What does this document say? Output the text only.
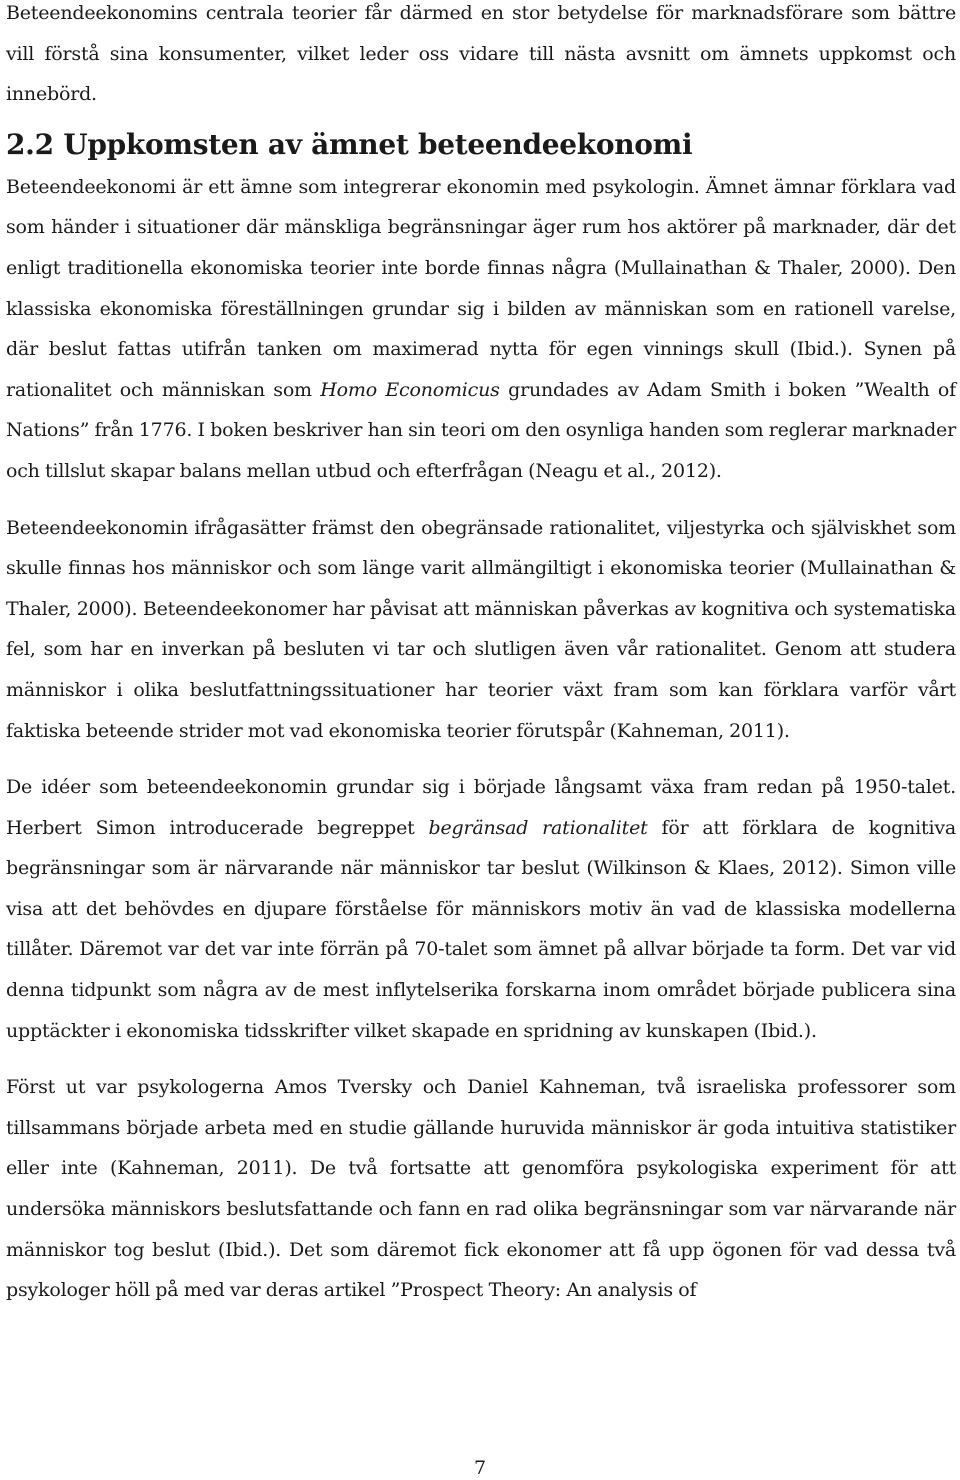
Beteendeekonomins centrala teorier får därmed en stor betydelse för marknadsförare som bättre vill förstå sina konsumenter, vilket leder oss vidare till nästa avsnitt om ämnets uppkomst och innebörd.

2.2 Uppkomsten av ämnet beteendeekonomi

Beteendeekonomi är ett ämne som integrerar ekonomin med psykologin. Ämnet ämnar förklara vad som händer i situationer där mänskliga begränsningar äger rum hos aktörer på marknader, där det enligt traditionella ekonomiska teorier inte borde finnas några (Mullainathan & Thaler, 2000). Den klassiska ekonomiska föreställningen grundar sig i bilden av människan som en rationell varelse, där beslut fattas utifrån tanken om maximerad nytta för egen vinnings skull (Ibid.). Synen på rationalitet och människan som Homo Economicus grundades av Adam Smith i boken ”Wealth of Nations” från 1776. I boken beskriver han sin teori om den osynliga handen som reglerar marknader och tillslut skapar balans mellan utbud och efterfrågan (Neagu et al., 2012).

Beteendeekonomin ifrågasätter främst den obegränsade rationalitet, viljestyrka och själviskhet som skulle finnas hos människor och som länge varit allmängiltigt i ekonomiska teorier (Mullainathan & Thaler, 2000). Beteendeekonomer har påvisat att människan påverkas av kognitiva och systematiska fel, som har en inverkan på besluten vi tar och slutligen även vår rationalitet. Genom att studera människor i olika beslutfattningssituationer har teorier växt fram som kan förklara varför vårt faktiska beteende strider mot vad ekonomiska teorier förutspår (Kahneman, 2011).

De idéer som beteendeekonomin grundar sig i började långsamt växa fram redan på 1950-talet. Herbert Simon introducerade begreppet begränsad rationalitet för att förklara de kognitiva begränsningar som är närvarande när människor tar beslut (Wilkinson & Klaes, 2012). Simon ville visa att det behövdes en djupare förståelse för människors motiv än vad de klassiska modellerna tillåter. Däremot var det var inte förrän på 70-talet som ämnet på allvar började ta form. Det var vid denna tidpunkt som några av de mest inflytelserika forskarna inom området började publicera sina upptäckter i ekonomiska tidsskrifter vilket skapade en spridning av kunskapen (Ibid.).

Först ut var psykologerna Amos Tversky och Daniel Kahneman, två israeliska professorer som tillsammans började arbeta med en studie gällande huruvida människor är goda intuitiva statistiker eller inte (Kahneman, 2011). De två fortsatte att genomföra psykologiska experiment för att undersöka människors beslutsfattande och fann en rad olika begränsningar som var närvarande när människor tog beslut (Ibid.). Det som däremot fick ekonomer att få upp ögonen för vad dessa två psykologer höll på med var deras artikel ”Prospect Theory: An analysis of

7
